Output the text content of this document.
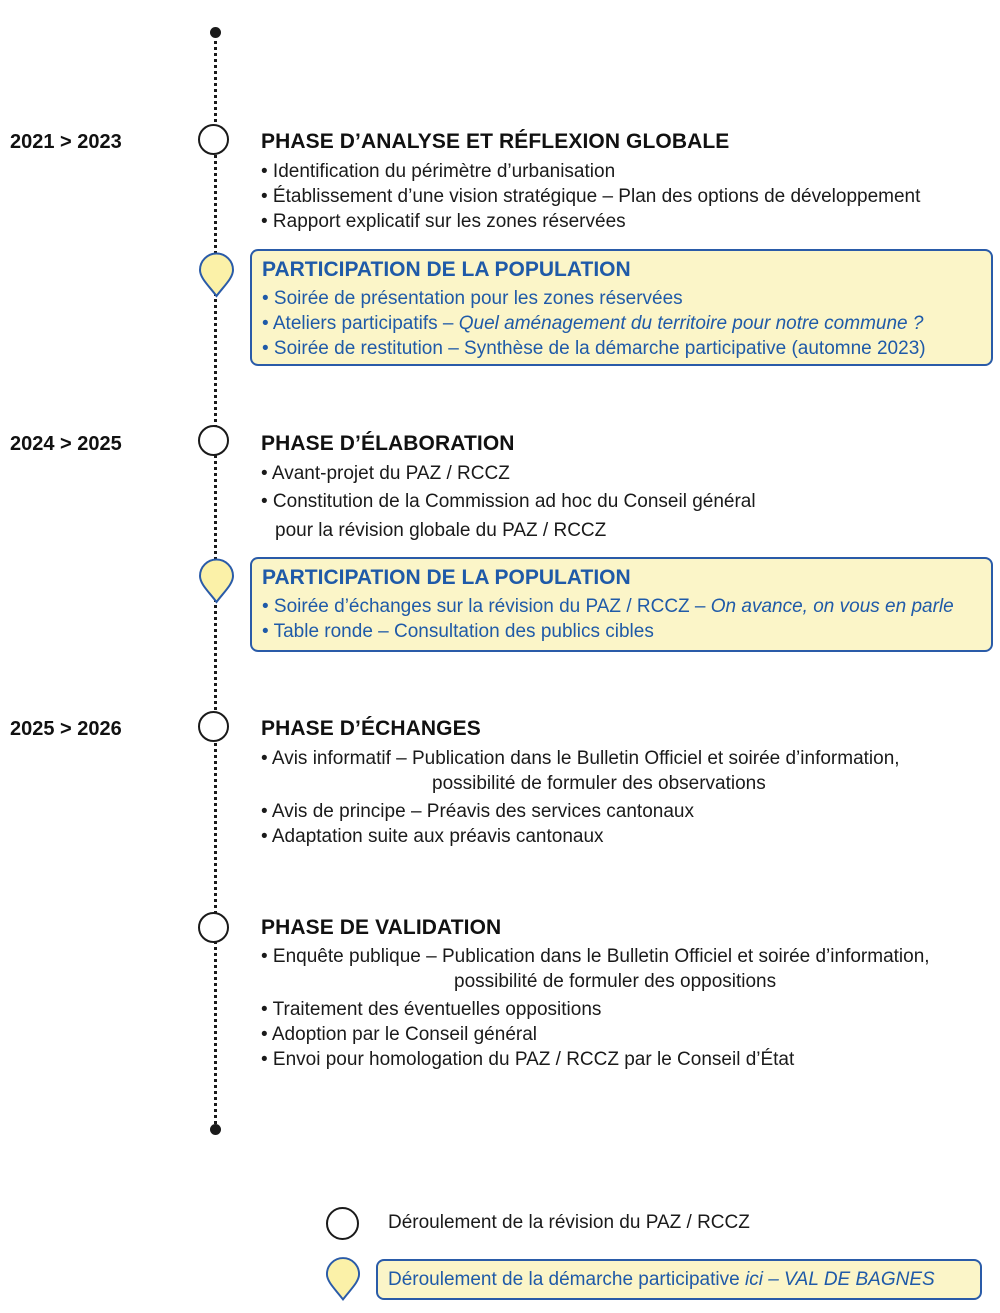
2021 > 2023	PHASE D’ANALYSE ET RÉFLEXION GLOBALE
• Identification du périmètre d’urbanisation
• Établissement d’une vision stratégique – Plan des options de développement
• Rapport explicatif sur les zones réservées
PARTICIPATION DE LA POPULATION
• Soirée de présentation pour les zones réservées
• Ateliers participatifs – Quel aménagement du territoire pour notre commune ?
• Soirée de restitution – Synthèse de la démarche participative (automne 2023)
2024 > 2025	PHASE D’ÉLABORATION
• Avant-projet du PAZ / RCCZ
• Constitution de la Commission ad hoc du Conseil général
pour la révision globale du PAZ / RCCZ
PARTICIPATION DE LA POPULATION
• Soirée d’échanges sur la révision du PAZ / RCCZ – On avance, on vous en parle
• Table ronde – Consultation des publics cibles
2025 > 2026	PHASE D’ÉCHANGES
• Avis informatif – Publication dans le Bulletin Officiel et soirée d’information,
possibilité de formuler des observations
• Avis de principe – Préavis des services cantonaux
• Adaptation suite aux préavis cantonaux
PHASE DE VALIDATION
• Enquête publique – Publication dans le Bulletin Officiel et soirée d’information,
possibilité de formuler des oppositions
• Traitement des éventuelles oppositions
• Adoption par le Conseil général
• Envoi pour homologation du PAZ / RCCZ par le Conseil d’État
Déroulement de la révision du PAZ / RCCZ
Déroulement de la démarche participative ici – VAL DE BAGNES
